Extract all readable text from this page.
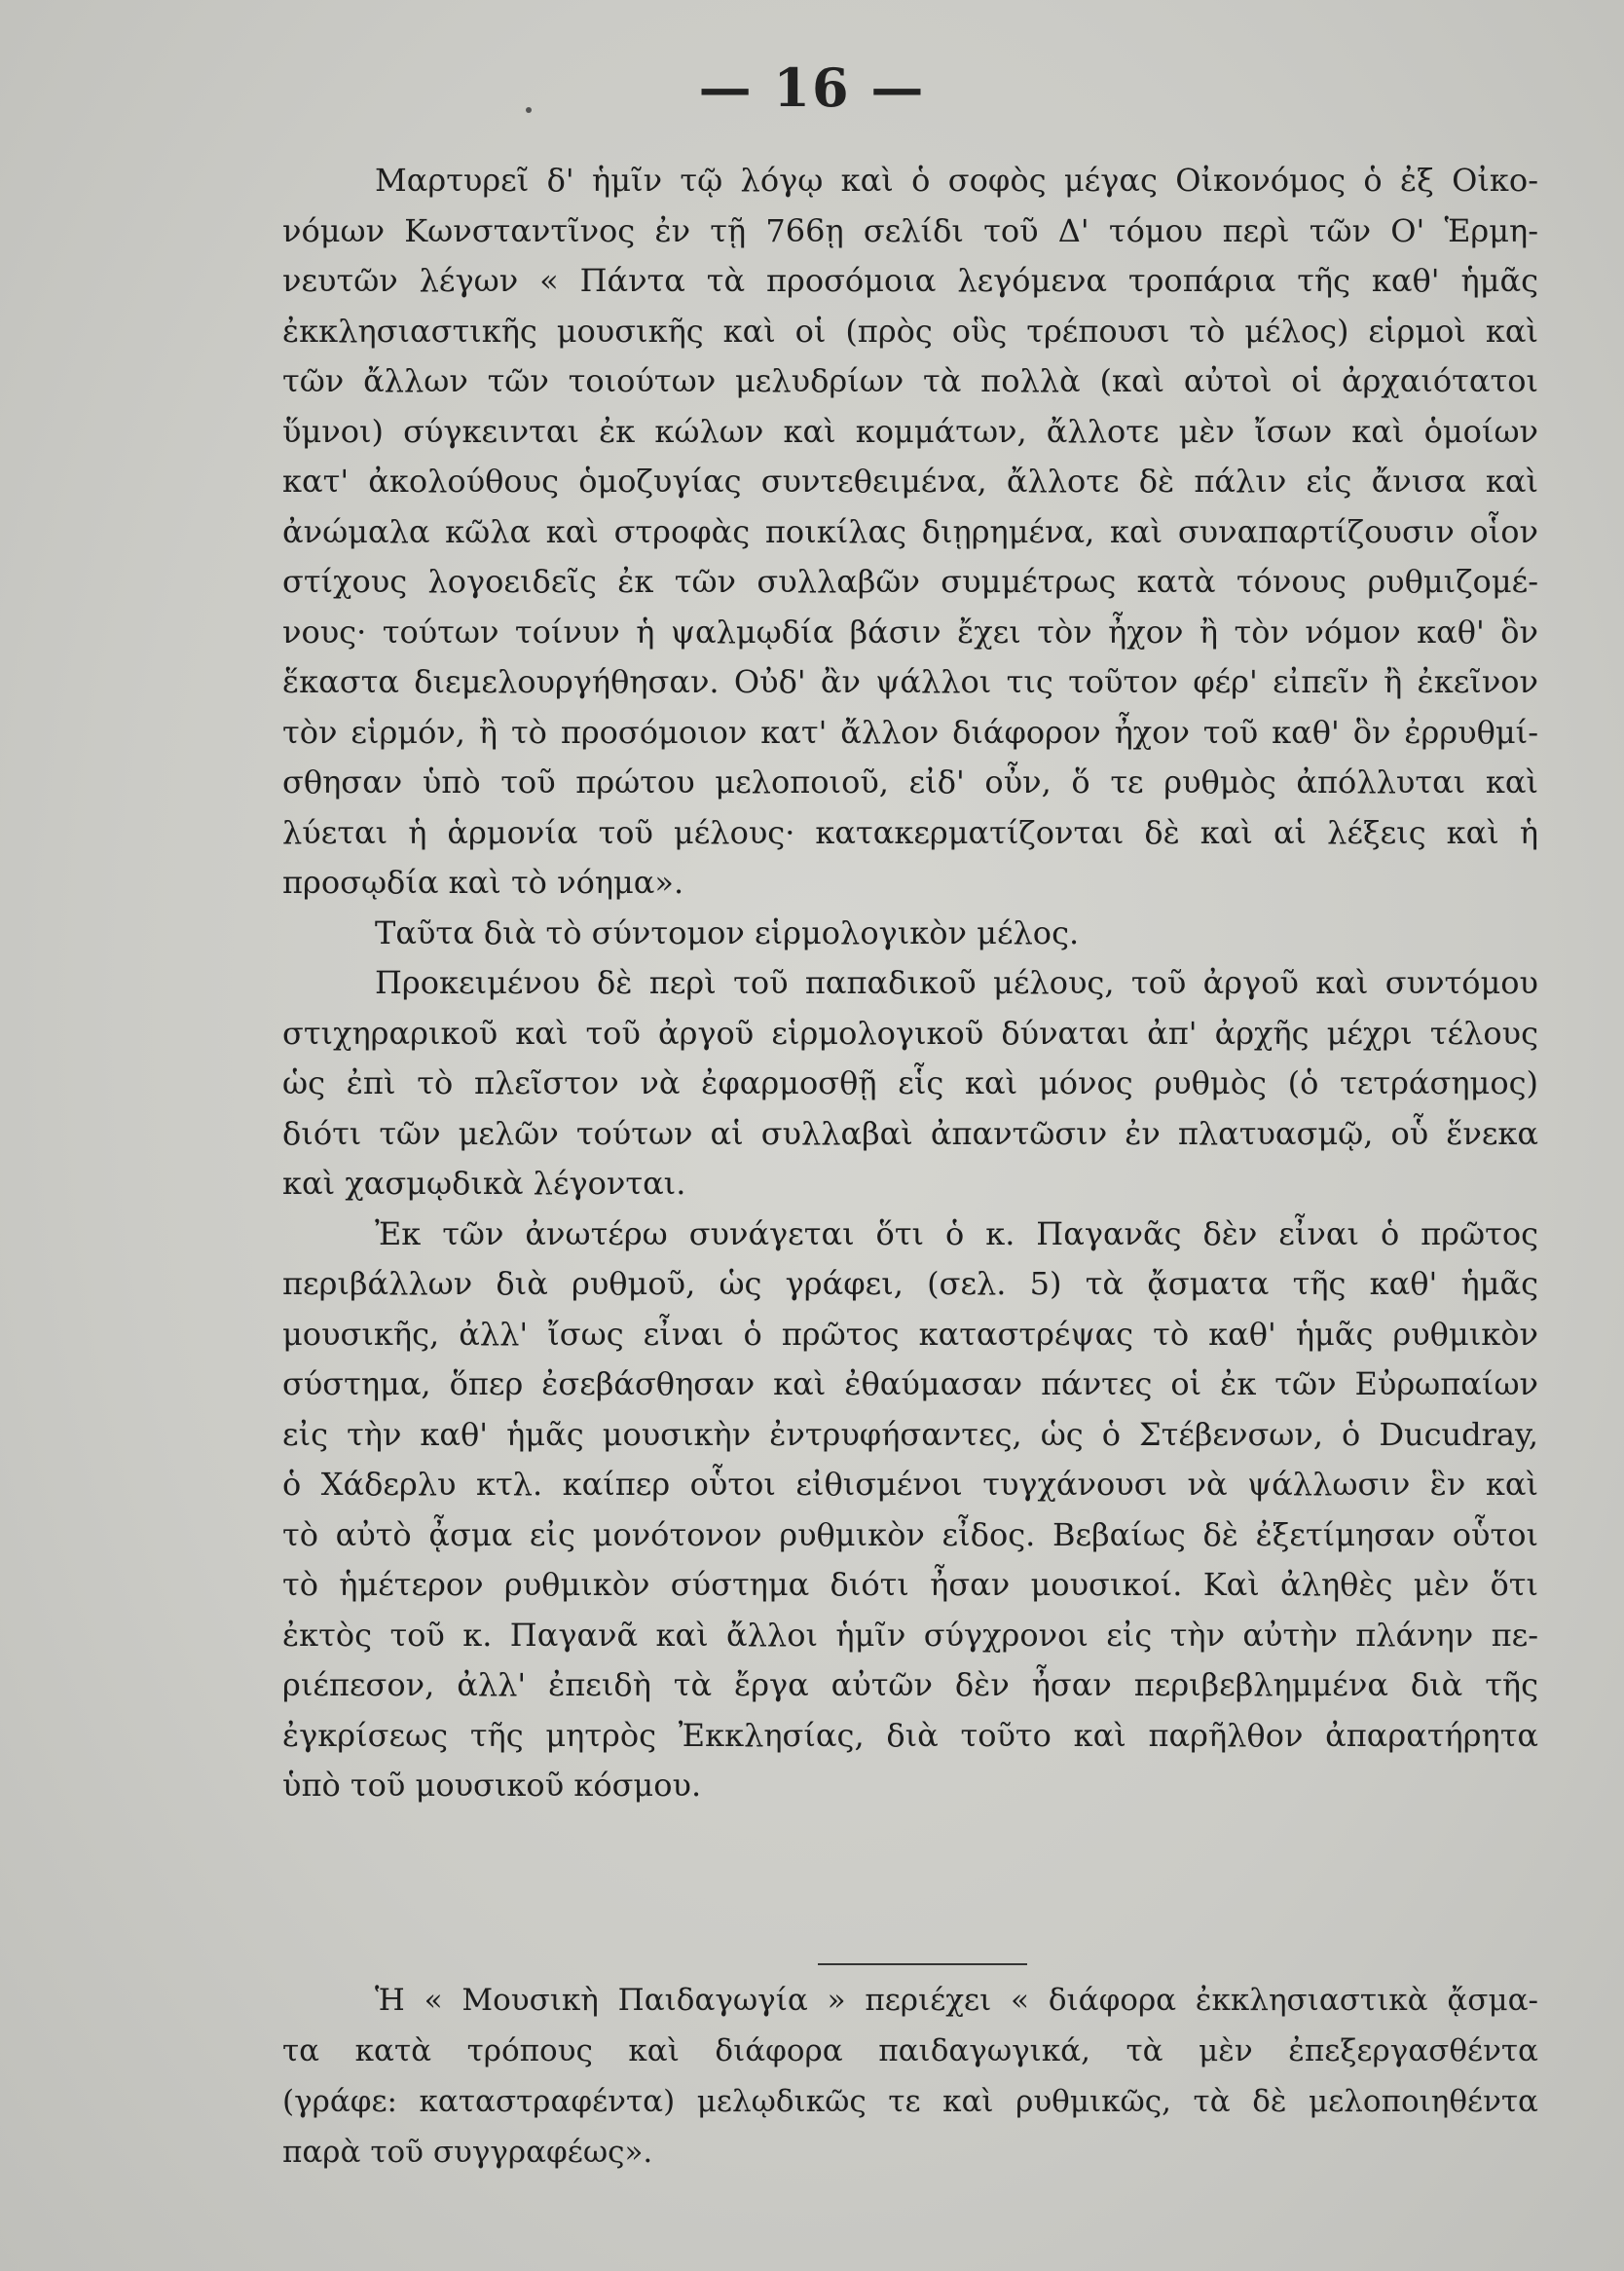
— 16 —
Μαρτυρεῖ δ' ἡμῖν τῷ λόγῳ καὶ ὁ σοφὸς μέγας Οἰκονόμος ὁ ἐξ Οἰκο-
νόμων Κωνσταντῖνος ἐν τῇ 766ῃ σελίδι τοῦ Δ' τόμου περὶ τῶν Ο' Ἑρμη-
νευτῶν λέγων « Πάντα τὰ προσόμοια λεγόμενα τροπάρια τῆς καθ' ἡμᾶς
ἐκκλησιαστικῆς μουσικῆς καὶ οἱ (πρὸς οὓς τρέπουσι τὸ μέλος) εἱρμοὶ καὶ
τῶν ἄλλων τῶν τοιούτων μελυδρίων τὰ πολλὰ (καὶ αὐτοὶ οἱ ἀρχαιότατοι
ὕμνοι) σύγκεινται ἐκ κώλων καὶ κομμάτων, ἄλλοτε μὲν ἴσων καὶ ὁμοίων
κατ' ἀκολούθους ὁμοζυγίας συντεθειμένα, ἄλλοτε δὲ πάλιν εἰς ἄνισα καὶ
ἀνώμαλα κῶλα καὶ στροφὰς ποικίλας διῃρημένα, καὶ συναπαρτίζουσιν οἷον
στίχους λογοειδεῖς ἐκ τῶν συλλαβῶν συμμέτρως κατὰ τόνους ρυθμιζομέ-
νους· τούτων τοίνυν ἡ ψαλμῳδία βάσιν ἔχει τὸν ἦχον ἢ τὸν νόμον καθ' ὃν
ἕκαστα διεμελουργήθησαν. Οὐδ' ἂν ψάλλοι τις τοῦτον φέρ' εἰπεῖν ἢ ἐκεῖνον
τὸν εἱρμόν, ἢ τὸ προσόμοιον κατ' ἄλλον διάφορον ἦχον τοῦ καθ' ὃν ἐρρυθμί-
σθησαν ὑπὸ τοῦ πρώτου μελοποιοῦ, εἰδ' οὖν, ὅ τε ρυθμὸς ἀπόλλυται καὶ
λύεται ἡ ἁρμονία τοῦ μέλους· κατακερματίζονται δὲ καὶ αἱ λέξεις καὶ ἡ
προσῳδία καὶ τὸ νόημα».
Ταῦτα διὰ τὸ σύντομον εἱρμολογικὸν μέλος.
Προκειμένου δὲ περὶ τοῦ παπαδικοῦ μέλους, τοῦ ἀργοῦ καὶ συντόμου
στιχηραρικοῦ καὶ τοῦ ἀργοῦ εἱρμολογικοῦ δύναται ἀπ' ἀρχῆς μέχρι τέλους
ὡς ἐπὶ τὸ πλεῖστον νὰ ἐφαρμοσθῇ εἷς καὶ μόνος ρυθμὸς (ὁ τετράσημος)
διότι τῶν μελῶν τούτων αἱ συλλαβαὶ ἀπαντῶσιν ἐν πλατυασμῷ, οὗ ἕνεκα
καὶ χασμῳδικὰ λέγονται.
Ἐκ τῶν ἀνωτέρω συνάγεται ὅτι ὁ κ. Παγανᾶς δὲν εἶναι ὁ πρῶτος
περιβάλλων διὰ ρυθμοῦ, ὡς γράφει, (σελ. 5) τὰ ᾄσματα τῆς καθ' ἡμᾶς
μουσικῆς, ἀλλ' ἴσως εἶναι ὁ πρῶτος καταστρέψας τὸ καθ' ἡμᾶς ρυθμικὸν
σύστημα, ὅπερ ἐσεβάσθησαν καὶ ἐθαύμασαν πάντες οἱ ἐκ τῶν Εὐρωπαίων
εἰς τὴν καθ' ἡμᾶς μουσικὴν ἐντρυφήσαντες, ὡς ὁ Στέβενσων, ὁ Ducudray,
ὁ Χάδερλυ κτλ. καίπερ οὗτοι εἰθισμένοι τυγχάνουσι νὰ ψάλλωσιν ἓν καὶ
τὸ αὐτὸ ᾆσμα εἰς μονότονον ρυθμικὸν εἶδος. Βεβαίως δὲ ἐξετίμησαν οὗτοι
τὸ ἡμέτερον ρυθμικὸν σύστημα διότι ἦσαν μουσικοί. Καὶ ἀληθὲς μὲν ὅτι
ἐκτὸς τοῦ κ. Παγανᾶ καὶ ἄλλοι ἡμῖν σύγχρονοι εἰς τὴν αὐτὴν πλάνην πε-
ριέπεσον, ἀλλ' ἐπειδὴ τὰ ἔργα αὐτῶν δὲν ἦσαν περιβεβλημμένα διὰ τῆς
ἐγκρίσεως τῆς μητρὸς Ἐκκλησίας, διὰ τοῦτο καὶ παρῆλθον ἀπαρατήρητα
ὑπὸ τοῦ μουσικοῦ κόσμου.
Ἡ « Μουσικὴ Παιδαγωγία » περιέχει « διάφορα ἐκκλησιαστικὰ ᾄσμα-
τα κατὰ τρόπους καὶ διάφορα παιδαγωγικά, τὰ μὲν ἐπεξεργασθέντα
(γράφε: καταστραφέντα) μελῳδικῶς τε καὶ ρυθμικῶς, τὰ δὲ μελοποιηθέντα
παρὰ τοῦ συγγραφέως».
